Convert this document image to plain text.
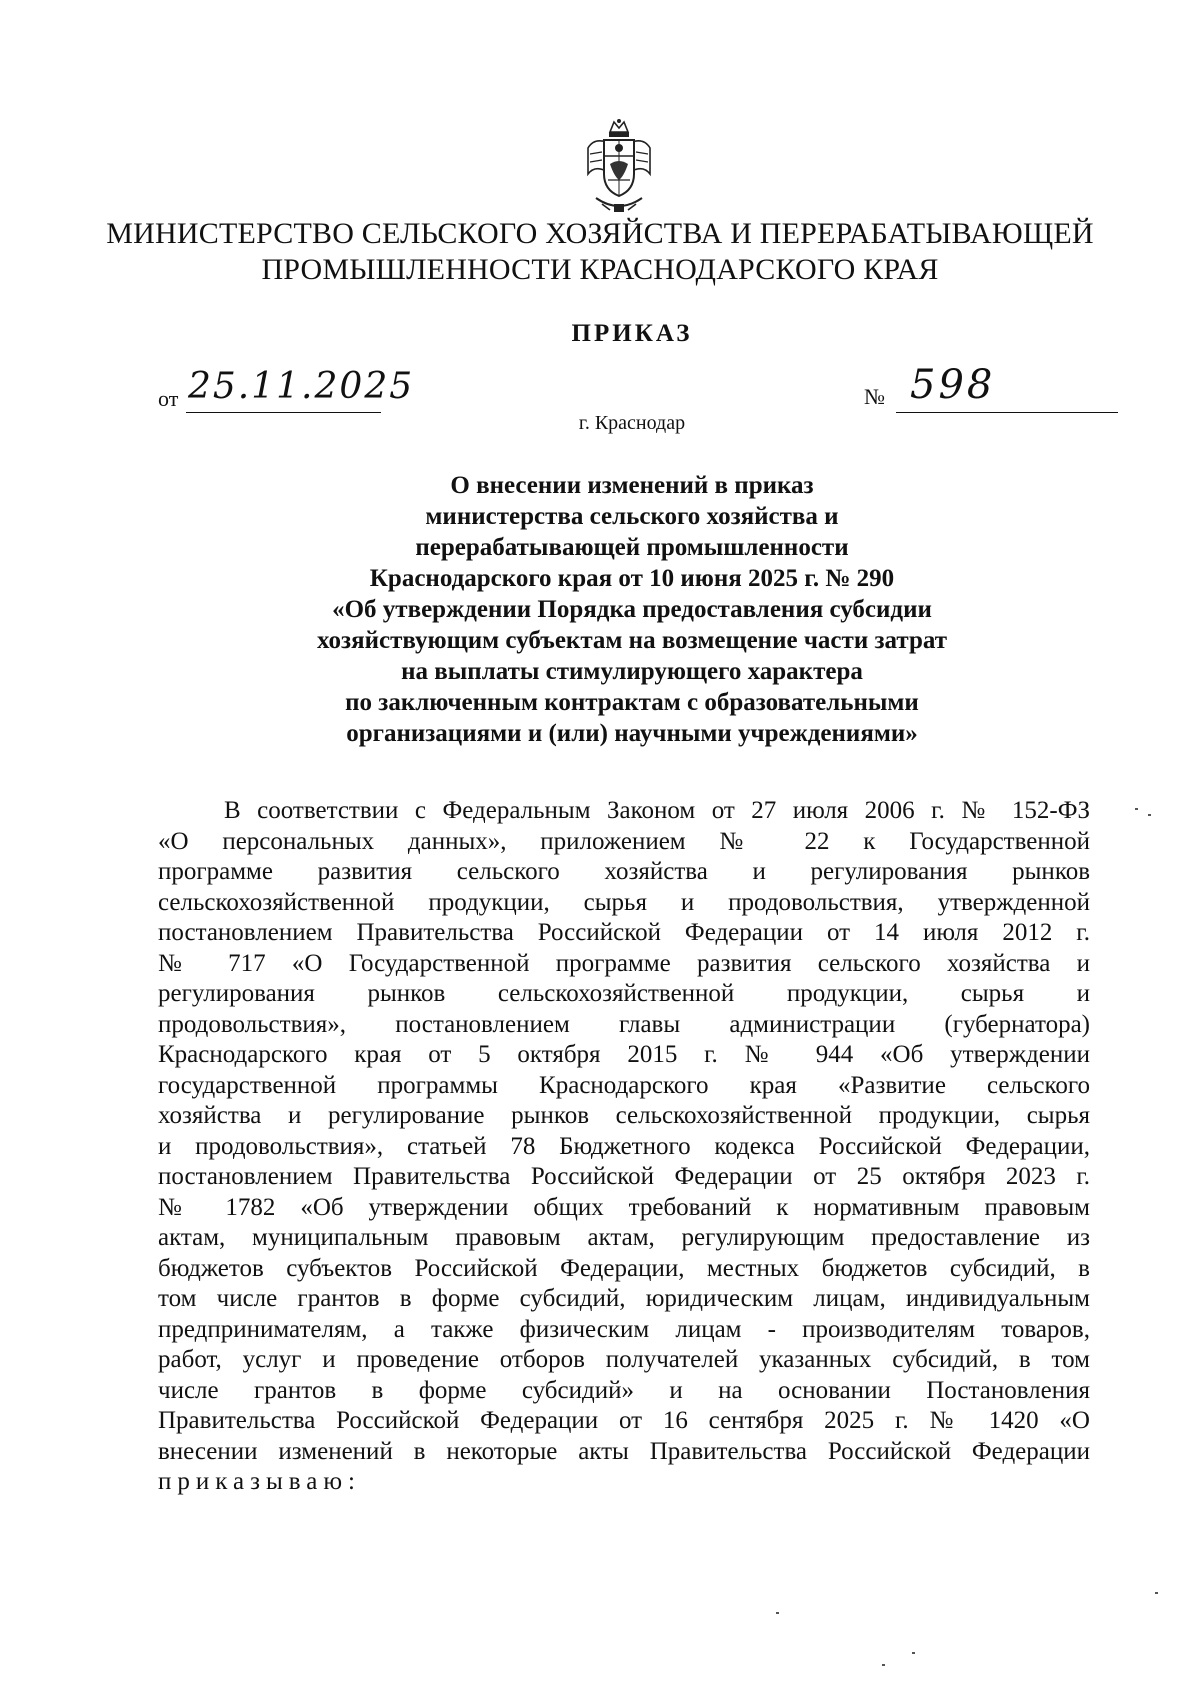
МИНИСТЕРСТВО СЕЛЬСКОГО ХОЗЯЙСТВА И ПЕРЕРАБАТЫВАЮЩЕЙ
ПРОМЫШЛЕННОСТИ КРАСНОДАРСКОГО КРАЯ
ПРИКАЗ
от 25.11.2025	№ 598
г. Краснодар
О внесении изменений в приказ
министерства сельского хозяйства и
перерабатывающей промышленности
Краснодарского края от 10 июня 2025 г. № 290
«Об утверждении Порядка предоставления субсидии
хозяйствующим субъектам на возмещение части затрат
на выплаты стимулирующего характера
по заключенным контрактам с образовательными
организациями и (или) научными учреждениями»
В соответствии с Федеральным Законом от 27 июля 2006 г. № 152-ФЗ
«О персональных данных», приложением № 22 к Государственной
программе развития сельского хозяйства и регулирования рынков
сельскохозяйственной продукции, сырья и продовольствия, утвержденной
постановлением Правительства Российской Федерации от 14 июля 2012 г.
№ 717 «О Государственной программе развития сельского хозяйства и
регулирования рынков сельскохозяйственной продукции, сырья и
продовольствия», постановлением главы администрации (губернатора)
Краснодарского края от 5 октября 2015 г. № 944 «Об утверждении
государственной программы Краснодарского края «Развитие сельского
хозяйства и регулирование рынков сельскохозяйственной продукции, сырья
и продовольствия», статьей 78 Бюджетного кодекса Российской Федерации,
постановлением Правительства Российской Федерации от 25 октября 2023 г.
№ 1782 «Об утверждении общих требований к нормативным правовым
актам, муниципальным правовым актам, регулирующим предоставление из
бюджетов субъектов Российской Федерации, местных бюджетов субсидий, в
том числе грантов в форме субсидий, юридическим лицам, индивидуальным
предпринимателям, а также физическим лицам - производителям товаров,
работ, услуг и проведение отборов получателей указанных субсидий, в том
числе грантов в форме субсидий» и на основании Постановления
Правительства Российской Федерации от 16 сентября 2025 г. № 1420 «О
внесении изменений в некоторые акты Правительства Российской Федерации
приказываю:
